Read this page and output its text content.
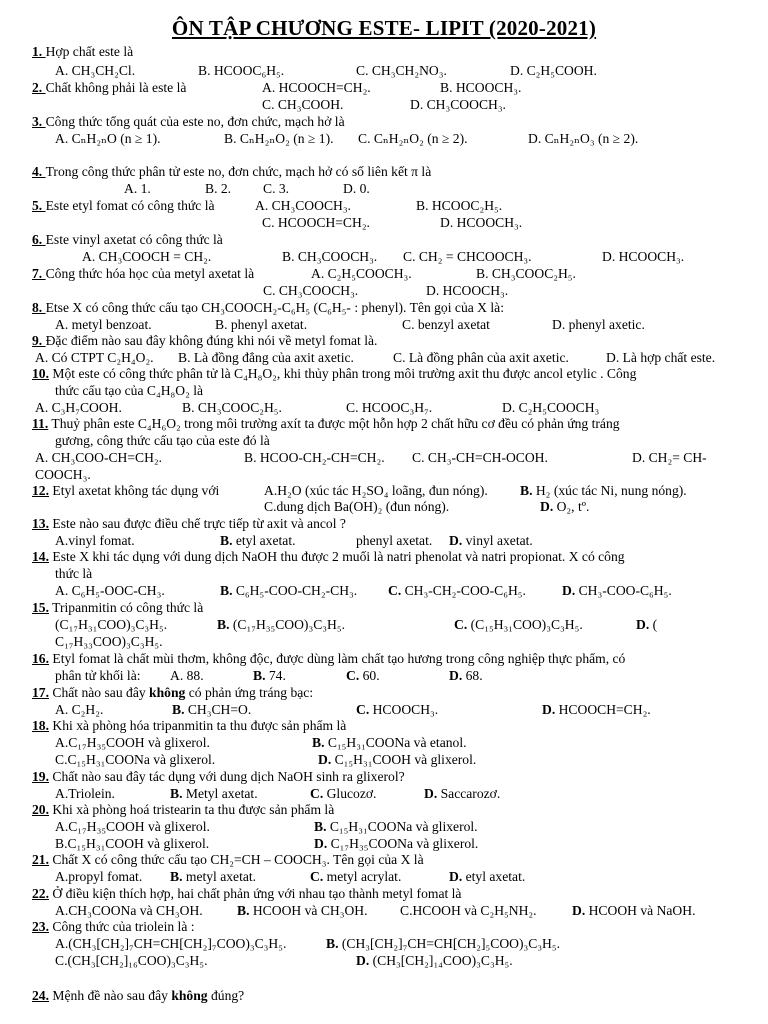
ÔN TẬP CHƯƠNG ESTE- LIPIT (2020-2021)
1. Hợp chất este là
A. CH₃CH₂Cl.	B. HCOOC₆H₅.	C. CH₃CH₂NO₃.	D. C₂H₅COOH.
2. Chất không phải là este là	A. HCOOCH=CH₂.	B. HCOOCH₃.
C. CH₃COOH.	D. CH₃COOCH₃.
3. Công thức tổng quát của este no, đơn chức, mạch hở là
A. CₙH₂ₙO (n ≥ 1).	B. CₙH₂ₙO₂ (n ≥ 1). C. CₙH₂ₙO₂ (n ≥ 2).	D. CₙH₂ₙO₃ (n ≥ 2).
4. Trong công thức phân tử este no, đơn chức, mạch hở có số liên kết π là
A. 1.	B. 2. C. 3.	D. 0.
5. Este etyl fomat có công thức là	A. CH₃COOCH₃.	B. HCOOC₂H₅.
C. HCOOCH=CH₂.	D. HCOOCH₃.
6. Este vinyl axetat có công thức là
A. CH₃COOCH = CH₂.	B. CH₃COOCH₃. C. CH₂ = CHCOOCH₃.	D. HCOOCH₃.
7. Công thức hóa học của metyl axetat là	A. C₂H₅COOCH₃.	B. CH₃COOC₂H₅.
C. CH₃COOCH₃.	D. HCOOCH₃.
8. Etse X có công thức cấu tạo CH₃COOCH₂-C₆H₅ (C₆H₅- : phenyl). Tên gọi của X là:
A. metyl benzoat.	B. phenyl axetat.	C. benzyl axetat	D. phenyl axetic.
9. Đặc điểm nào sau đây không đúng khi nói về metyl fomat là.
A. Có CTPT C₂H₄O₂. B. Là đồng đẳng của axit axetic.	C. Là đồng phân của axit axetic.	D. Là hợp chất este.
10. Một este có công thức phân tử là C₄H₈O₂, khi thủy phân trong môi trường axit thu được ancol etylic . Công
thức cấu tạo của C₄H₈O₂ là
A. C₃H₇COOH.	B. CH₃COOC₂H₅.	C. HCOOC₃H₇.	D. C₂H₅COOCH₃
11. Thuỷ phân este C₄H₆O₂ trong môi trường axít ta được một hỗn hợp 2 chất hữu cơ đều có phản ứng tráng
gương, công thức cấu tạo của este đó là
A. CH₃COO-CH=CH₂.	B. HCOO-CH₂-CH=CH₂. C. CH₃-CH=CH-OCOH.	D. CH₂= CH-
COOCH₃.
12. Etyl axetat không tác dụng với	A.H₂O (xúc tác H₂SO₄ loãng, đun nóng). B. H₂ (xúc tác Ni, nung nóng).
C.dung dịch Ba(OH)₂ (đun nóng).	D. O₂, tº.
13. Este nào sau được điều chế trực tiếp từ axit và ancol ?
A.vinyl fomat.	B. etyl axetat.	phenyl axetat. D. vinyl axetat.
14. Este X khi tác dụng với dung dịch NaOH thu được 2 muối là natri phenolat và natri propionat. X có công
thức là
A. C₆H₅-OOC-CH₃.	B. C₆H₅-COO-CH₂-CH₃. C. CH₃-CH₂-COO-C₆H₅.	D. CH₃-COO-C₆H₅.
15. Tripanmitin có công thức là
(C₁₇H₃₁COO)₃C₃H₅.	B. (C₁₇H₃₅COO)₃C₃H₅.	C. (C₁₅H₃₁COO)₃C₃H₅.	D. (
C₁₇H₃₃COO)₃C₃H₅.
16. Etyl fomat là chất mùi thơm, không độc, được dùng làm chất tạo hương trong công nghiệp thực phẩm, có
phân tử khối là: A. 88.	B. 74.	C. 60.	D. 68.
17. Chất nào sau đây không có phản ứng tráng bạc:
A. C₂H₂.	B. CH₃CH=O.	C. HCOOCH₃.	D. HCOOCH=CH₂.
18. Khi xà phòng hóa tripanmitin ta thu được sản phẩm là
A.C₁₇H₃₅COOH và glixerol.	B. C₁₅H₃₁COONa và etanol.
C.C₁₅H₃₁COONa và glixerol.	D. C₁₅H₃₁COOH và glixerol.
19. Chất nào sau đây tác dụng với dung dịch NaOH sinh ra glixerol?
A.Triolein.	B. Metyl axetat.	C. Glucozơ.	D. Saccarozơ.
20. Khi xà phòng hoá tristearin ta thu được sản phẩm là
A.C₁₇H₃₅COOH và glixerol.	B. C₁₅H₃₁COONa và glixerol.
B.C₁₅H₃₁COOH và glixerol.	D. C₁₇H₃₅COONa và glixerol.
21. Chất X có công thức cấu tạo CH₂=CH – COOCH₃. Tên gọi của X là
A.propyl fomat. B. metyl axetat.	C. metyl acrylat.	D. etyl axetat.
22. Ở điều kiện thích hợp, hai chất phản ứng với nhau tạo thành metyl fomat là
A.CH₃COONa và CH₃OH.	B. HCOOH và CH₃OH. C.HCOOH và C₂H₅NH₂.	D. HCOOH và NaOH.
23. Công thức của triolein là :
A.(CH₃[CH₂]₇CH=CH[CH₂]₇COO)₃C₃H₅.	B. (CH₃[CH₂]₇CH=CH[CH₂]₅COO)₃C₃H₅.
C.(CH₃[CH₂]₁₆COO)₃C₃H₅.	D. (CH₃[CH₂]₁₄COO)₃C₃H₅.
24. Mệnh đề nào sau đây không đúng?
